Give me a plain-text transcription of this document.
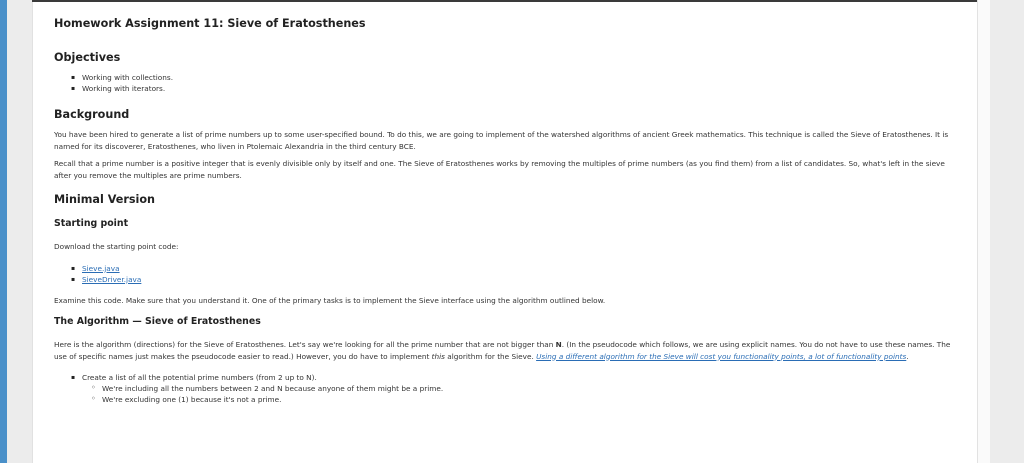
Homework Assignment 11: Sieve of Eratosthenes
Objectives
▪ Working with collections.
▪ Working with iterators.
Background

You have been hired to generate a list of prime numbers up to some user-specified bound. To do this, we are going to implement of the watershed algorithms of ancient Greek mathematics. This technique is called the Sieve of Eratosthenes. It is named for its discoverer, Eratosthenes, who liven in Ptolemaic Alexandria in the third century BCE.

Recall that a prime number is a positive integer that is evenly divisible only by itself and one. The Sieve of Eratosthenes works by removing the multiples of prime numbers (as you find them) from a list of candidates. So, what's left in the sieve after you remove the multiples are prime numbers.

Minimal Version
Starting point

Download the starting point code:

▪ Sieve.java
▪ SieveDriver.java

Examine this code. Make sure that you understand it. One of the primary tasks is to implement the Sieve interface using the algorithm outlined below.

The Algorithm — Sieve of Eratosthenes

Here is the algorithm (directions) for the Sieve of Eratosthenes. Let's say we're looking for all the prime number that are not bigger than N. (In the pseudocode which follows, we are using explicit names. You do not have to use these names. The use of specific names just makes the pseudocode easier to read.) However, you do have to implement this algorithm for the Sieve. Using a different algorithm for the Sieve will cost you functionality points, a lot of functionality points.

▪ Create a list of all the potential prime numbers (from 2 up to N).
◦ We're including all the numbers between 2 and N because anyone of them might be a prime.
◦ We're excluding one (1) because it's not a prime.
